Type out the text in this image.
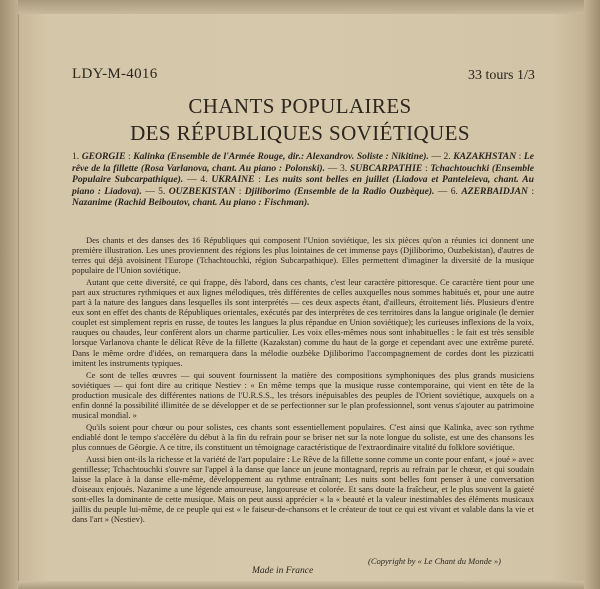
LDY-M-4016	33 tours 1/3
CHANTS POPULAIRES
DES RÉPUBLIQUES SOVIÉTIQUES
1. GEORGIE : Kalinka (Ensemble de l'Armée Rouge, dir.: Alexandrov. Soliste : Nikitine). — 2. KAZAKHSTAN : Le rêve de la fillette (Rosa Varlanova, chant. Au piano : Polonski). — 3. SUBCARPATHIE : Tchachtouchki (Ensemble Populaire Subcarpathique). — 4. UKRAINE : Les nuits sont belles en juillet (Liadova et Panteleieva, chant. Au piano : Liadova). — 5. OUZBEKISTAN : Djiliborimo (Ensemble de la Radio Ouzbèque). — 6. AZERBAIDJAN : Nazanime (Rachid Beiboutov, chant. Au piano : Fischman).

Des chants et des danses des 16 Républiques qui composent l'Union soviétique, les six pièces qu'on a réunies ici donnent une première illustration. Les unes proviennent des régions les plus lointaines de cet immense pays (Djiliborimo, Ouzbekistan), d'autres de terres qui déjà avoisinent l'Europe (Tchachtouchki, région Subcarpathique). Elles permettent d'imaginer la diversité de la musique populaire de l'Union soviétique.

Autant que cette diversité, ce qui frappe, dès l'abord, dans ces chants, c'est leur caractère pittoresque. Ce caractère tient pour une part aux structures rythmiques et aux lignes mélodiques, très différentes de celles auxquelles nous sommes habitués et, pour une autre part à la nature des langues dans lesquelles ils sont interprétés — ces deux aspects étant, d'ailleurs, étroitement liés. Plusieurs d'entre eux sont en effet des chants de Républiques orientales, exécutés par des interprètes de ces territoires dans la langue originale (le dernier couplet est simplement repris en russe, de toutes les langues la plus répandue en Union soviétique); les curieuses inflexions de la voix, rauques ou chaudes, leur confèrent alors un charme particulier. Les voix elles-mêmes nous sont inhabituelles : le fait est très sensible lorsque Varlanova chante le délicat Rêve de la fillette (Kazakstan) comme du haut de la gorge et cependant avec une extrême pureté. Dans le même ordre d'idées, on remarquera dans la mélodie ouzbèke Djiliborimo l'accompagnement de cordes dont les pizzicatti imitent les instruments typiques.

Ce sont de telles œuvres — qui souvent fournissent la matière des compositions symphoniques des plus grands musiciens soviétiques — qui font dire au critique Nestiev : « En même temps que la musique russe contemporaine, qui vient en tête de la production musicale des différentes nations de l'U.R.S.S., les trésors inépuisables des peuples de l'Orient soviétique, auxquels on a enfin donné la possibilité illimitée de se développer et de se perfectionner sur le plan professionnel, sont venus s'ajouter au patrimoine musical mondial. »

Qu'ils soient pour chœur ou pour solistes, ces chants sont essentiellement populaires. C'est ainsi que Kalinka, avec son rythme endiablé dont le tempo s'accélère du début à la fin du refrain pour se briser net sur la note longue du soliste, est une des chansons les plus connues de Géorgie. A ce titre, ils constituent un témoignage caractéristique de l'extraordinaire vitalité du folklore soviétique.

Aussi bien ont-ils la richesse et la variété de l'art populaire : Le Rêve de la fillette sonne comme un conte pour enfant, « joué » avec gentillesse; Tchachtouchki s'ouvre sur l'appel à la danse que lance un jeune montagnard, repris au refrain par le chœur, et qui soudain laisse la place à la danse elle-même, développement au rythme entraînant; Les nuits sont belles font penser à une conversation d'oiseaux enjoués. Nazanime a une légende amoureuse, langoureuse et colorée. Et sans doute la fraîcheur, et le plus souvent la gaieté sont-elles la dominante de cette musique. Mais on peut aussi apprécier « la « beauté et la valeur inestimables des éléments musicaux jaillis du peuple lui-même, de ce peuple qui est « le faiseur-de-chansons et le créateur de tout ce qui est vivant et valable dans la vie et dans l'art » (Nestiev).

(Copyright by « Le Chant du Monde »)
Made in France
